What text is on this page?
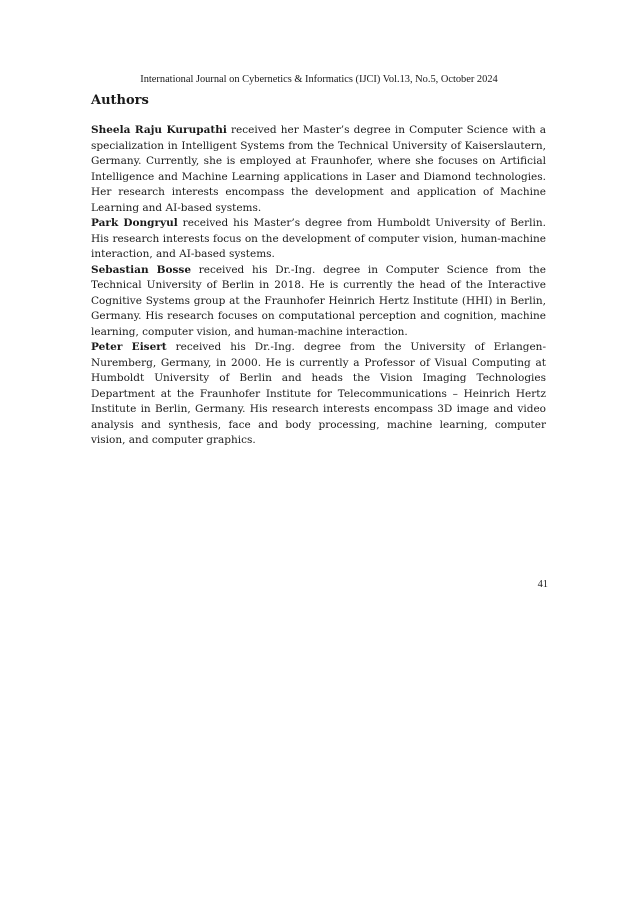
International Journal on Cybernetics & Informatics (IJCI) Vol.13, No.5, October 2024
Authors

Sheela Raju Kurupathi received her Master’s degree in Computer Science with a specialization in Intelligent Systems from the Technical University of Kaiserslautern, Germany. Currently, she is employed at Fraunhofer, where she focuses on Artificial Intelligence and Machine Learning applications in Laser and Diamond technologies. Her research interests encompass the development and application of Machine Learning and AI-based systems.

Park Dongryul received his Master’s degree from Humboldt University of Berlin. His research interests focus on the development of computer vision, human-machine interaction, and AI-based systems.

Sebastian Bosse received his Dr.-Ing. degree in Computer Science from the Technical University of Berlin in 2018. He is currently the head of the Interactive Cognitive Systems group at the Fraunhofer Heinrich Hertz Institute (HHI) in Berlin, Germany. His research focuses on computational perception and cognition, machine learning, computer vision, and human-machine interaction.

Peter Eisert received his Dr.-Ing. degree from the University of Erlangen-Nuremberg, Germany, in 2000. He is currently a Professor of Visual Computing at Humboldt University of Berlin and heads the Vision Imaging Technologies Department at the Fraunhofer Institute for Telecommunications – Heinrich Hertz Institute in Berlin, Germany. His research interests encompass 3D image and video analysis and synthesis, face and body processing, machine learning, computer vision, and computer graphics.

41
